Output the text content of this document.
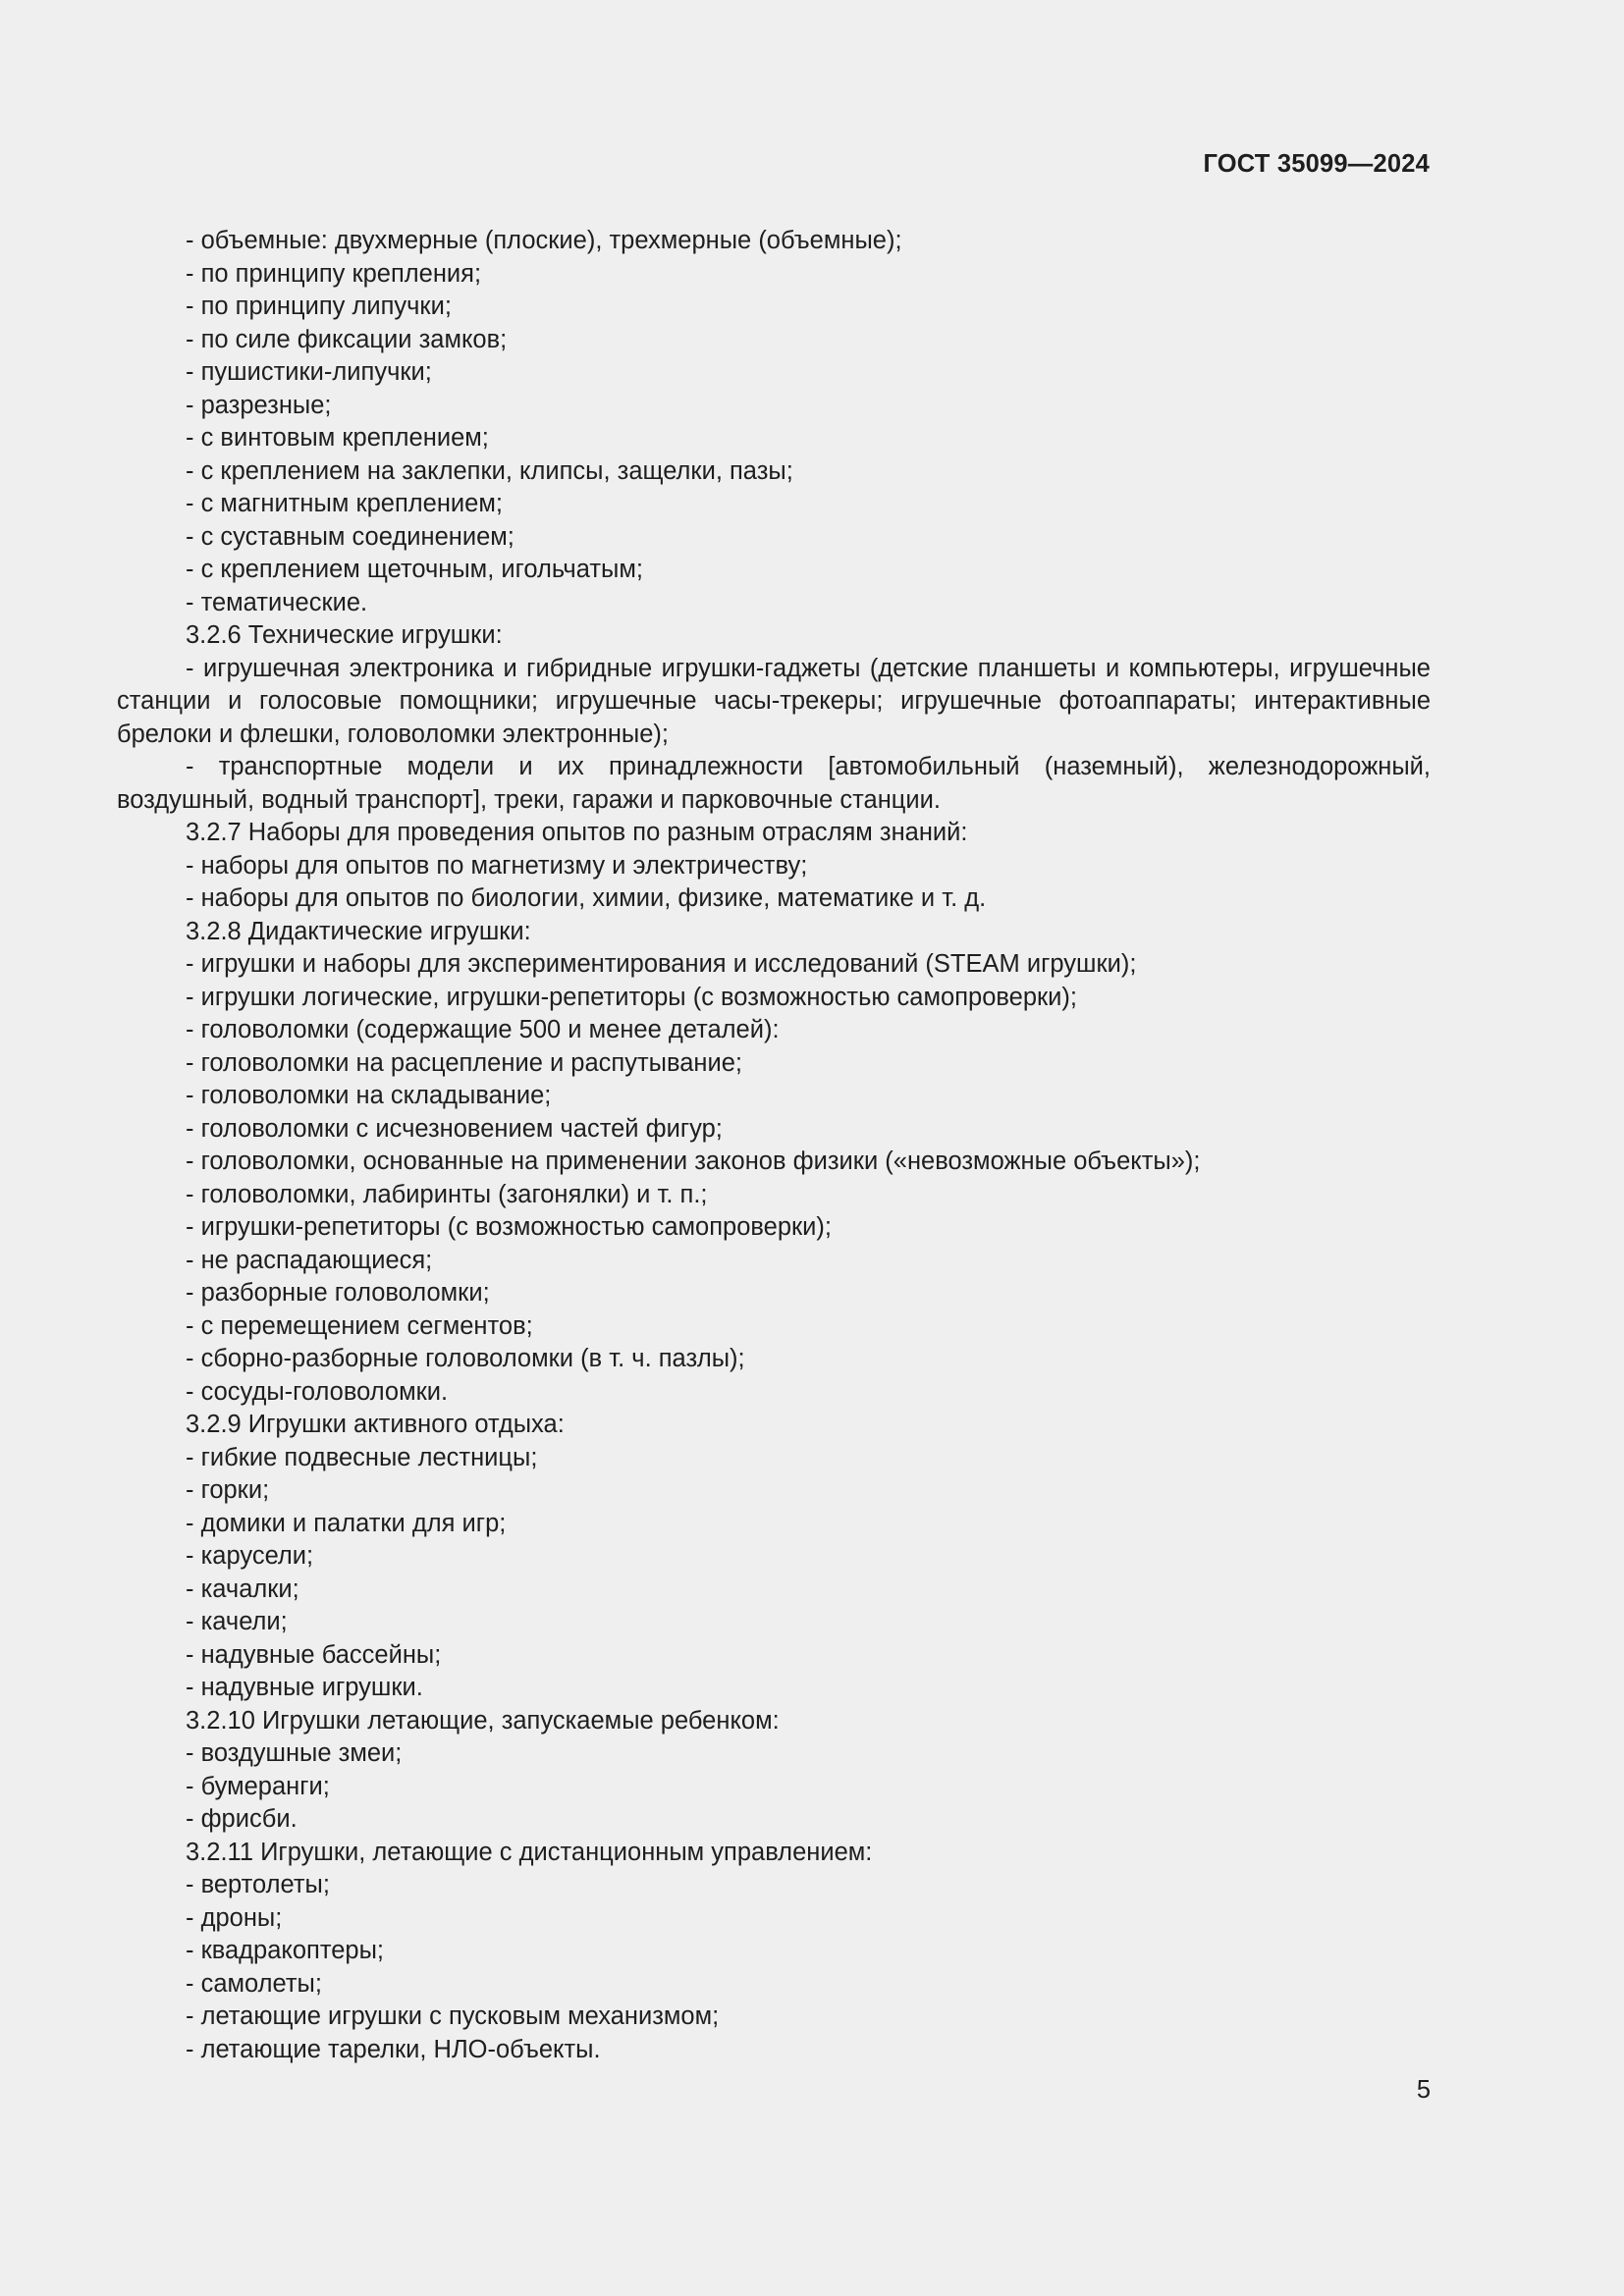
ГОСТ 35099—2024

- объемные: двухмерные (плоские), трехмерные (объемные);

- по принципу крепления;

- по принципу липучки;

- по силе фиксации замков;

- пушистики-липучки;

- разрезные;

- с винтовым креплением;

- с креплением на заклепки, клипсы, защелки, пазы;

- с магнитным креплением;

- с суставным соединением;

- с креплением щеточным, игольчатым;

- тематические.

3.2.6 Технические игрушки:

- игрушечная электроника и гибридные игрушки-гаджеты (детские планшеты и компьютеры, игрушечные станции и голосовые помощники; игрушечные часы-трекеры; игрушечные фотоаппараты; интерактивные брелоки и флешки, головоломки электронные);

- транспортные модели и их принадлежности [автомобильный (наземный), железнодорожный, воздушный, водный транспорт], треки, гаражи и парковочные станции.

3.2.7 Наборы для проведения опытов по разным отраслям знаний:

- наборы для опытов по магнетизму и электричеству;

- наборы для опытов по биологии, химии, физике, математике и т. д.

3.2.8 Дидактические игрушки:

- игрушки и наборы для экспериментирования и исследований (STEAM игрушки);

- игрушки логические, игрушки-репетиторы (с возможностью самопроверки);

- головоломки (содержащие 500 и менее деталей):

- головоломки на расцепление и распутывание;

- головоломки на складывание;

- головоломки с исчезновением частей фигур;

- головоломки, основанные на применении законов физики («невозможные объекты»);

- головоломки, лабиринты (загонялки) и т. п.;

- игрушки-репетиторы (с возможностью самопроверки);

- не распадающиеся;

- разборные головоломки;

- с перемещением сегментов;

- сборно-разборные головоломки (в т. ч. пазлы);

- сосуды-головоломки.

3.2.9 Игрушки активного отдыха:

- гибкие подвесные лестницы;

- горки;

- домики и палатки для игр;

- карусели;

- качалки;

- качели;

- надувные бассейны;

- надувные игрушки.

3.2.10 Игрушки летающие, запускаемые ребенком:

- воздушные змеи;

- бумеранги;

- фрисби.

3.2.11 Игрушки, летающие с дистанционным управлением:

- вертолеты;

- дроны;

- квадракоптеры;

- самолеты;

- летающие игрушки с пусковым механизмом;

- летающие тарелки, НЛО-объекты.

5
